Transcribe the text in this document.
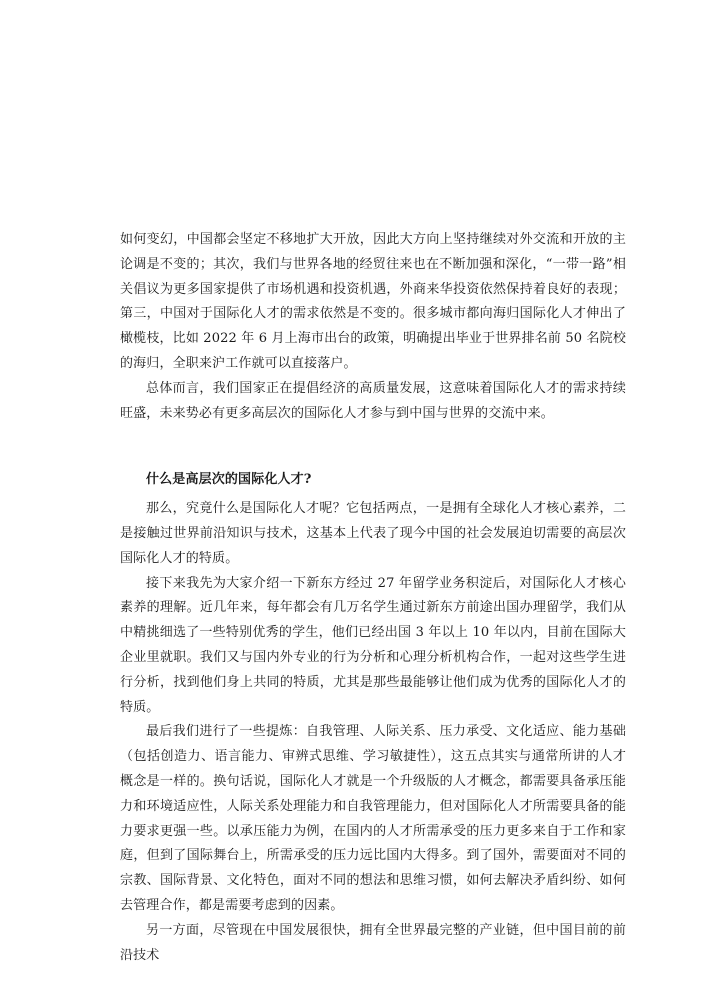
如何变幻，中国都会坚定不移地扩大开放，因此大方向上坚持继续对外交流和开放的主论调是不变的；其次，我们与世界各地的经贸往来也在不断加强和深化，“一带一路”相关倡议为更多国家提供了市场机遇和投资机遇，外商来华投资依然保持着良好的表现；第三，中国对于国际化人才的需求依然是不变的。很多城市都向海归国际化人才伸出了橄榄枝，比如 2022 年 6 月上海市出台的政策，明确提出毕业于世界排名前 50 名院校的海归，全职来沪工作就可以直接落户。

总体而言，我们国家正在提倡经济的高质量发展，这意味着国际化人才的需求持续旺盛，未来势必有更多高层次的国际化人才参与到中国与世界的交流中来。

什么是高层次的国际化人才?

那么，究竟什么是国际化人才呢？它包括两点，一是拥有全球化人才核心素养，二是接触过世界前沿知识与技术，这基本上代表了现今中国的社会发展迫切需要的高层次国际化人才的特质。

接下来我先为大家介绍一下新东方经过 27 年留学业务积淀后，对国际化人才核心素养的理解。近几年来，每年都会有几万名学生通过新东方前途出国办理留学，我们从中精挑细选了一些特别优秀的学生，他们已经出国 3 年以上 10 年以内，目前在国际大企业里就职。我们又与国内外专业的行为分析和心理分析机构合作，一起对这些学生进行分析，找到他们身上共同的特质，尤其是那些最能够让他们成为优秀的国际化人才的特质。

最后我们进行了一些提炼：自我管理、人际关系、压力承受、文化适应、能力基础（包括创造力、语言能力、审辨式思维、学习敏捷性），这五点其实与通常所讲的人才概念是一样的。换句话说，国际化人才就是一个升级版的人才概念，都需要具备承压能力和环境适应性，人际关系处理能力和自我管理能力，但对国际化人才所需要具备的能力要求更强一些。以承压能力为例，在国内的人才所需承受的压力更多来自于工作和家庭，但到了国际舞台上，所需承受的压力远比国内大得多。到了国外，需要面对不同的宗教、国际背景、文化特色，面对不同的想法和思维习惯，如何去解决矛盾纠纷、如何去管理合作，都是需要考虑到的因素。

另一方面，尽管现在中国发展很快，拥有全世界最完整的产业链，但中国目前的前沿技术
